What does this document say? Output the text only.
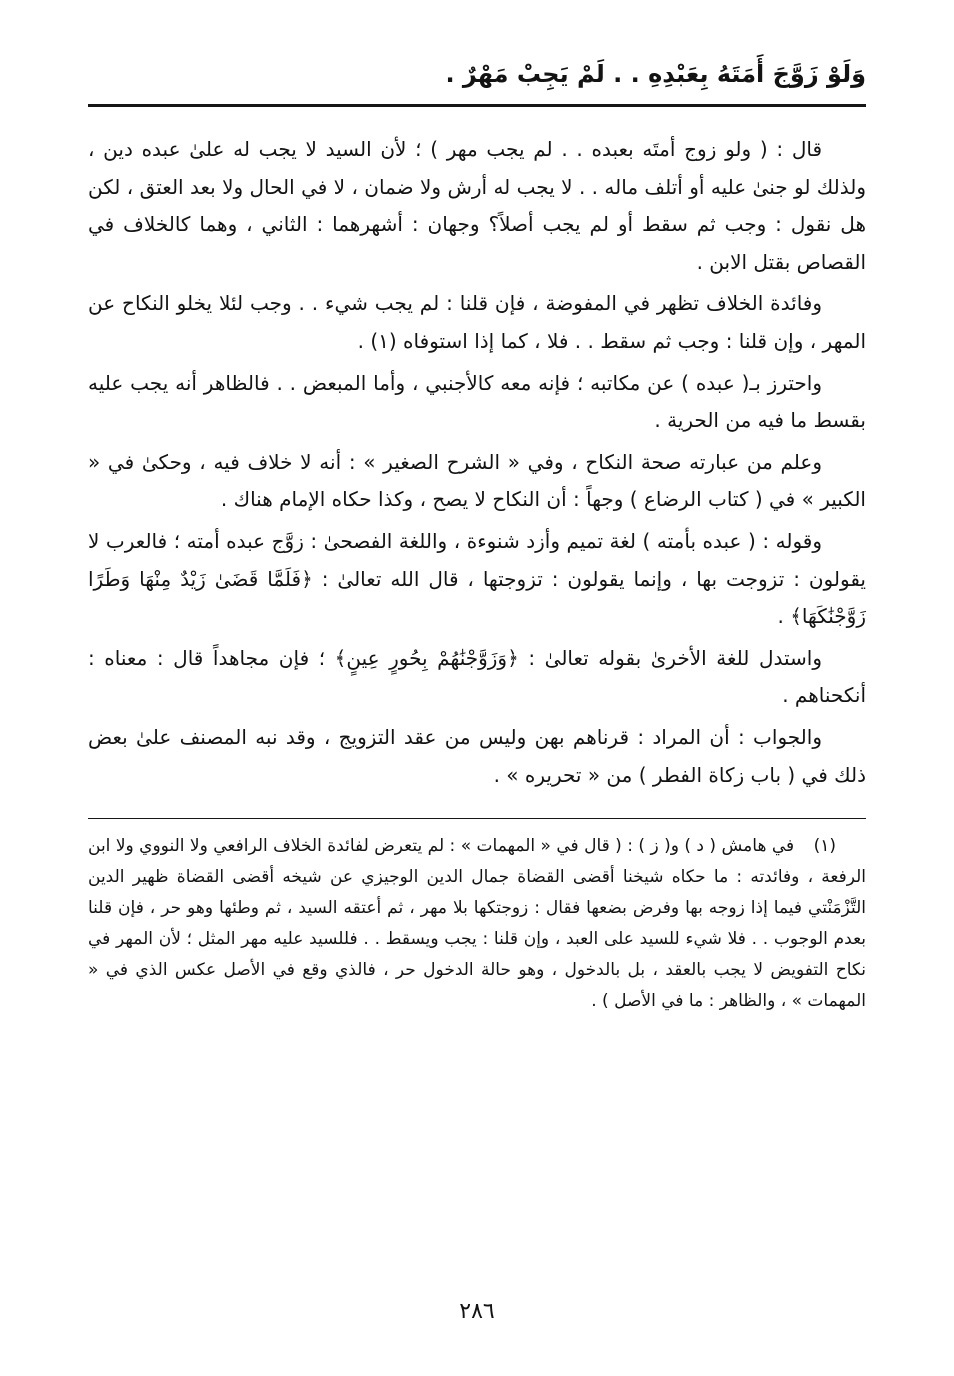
وَلَوْ زَوَّجَ أَمَتَهُ بِعَبْدِهِ . . لَمْ يَجِبْ مَهْرٌ .

قال : ( ولو زوج أمتَه بعبده . . لم يجب مهر ) ؛ لأن السيد لا يجب له علىٰ عبده دين ، ولذلك لو جنىٰ عليه أو أتلف ماله . . لا يجب له أرش ولا ضمان ، لا في الحال ولا بعد العتق ، لكن هل نقول : وجب ثم سقط أو لم يجب أصلاً؟ وجهان : أشهرهما : الثاني ، وهما كالخلاف في القصاص بقتل الابن .

وفائدة الخلاف تظهر في المفوضة ، فإن قلنا : لم يجب شيء . . وجب لئلا يخلو النكاح عن المهر ، وإن قلنا : وجب ثم سقط . . فلا ، كما إذا استوفاه (١) .

واحترز بـ( عبده ) عن مكاتبه ؛ فإنه معه كالأجنبي ، وأما المبعض . . فالظاهر أنه يجب عليه بقسط ما فيه من الحرية .

وعلم من عبارته صحة النكاح ، وفي « الشرح الصغير » : أنه لا خلاف فيه ، وحكىٰ في « الكبير » في ( كتاب الرضاع ) وجهاً : أن النكاح لا يصح ، وكذا حكاه الإمام هناك .

وقوله : ( عبده بأمته ) لغة تميم وأزد شنوءة ، واللغة الفصحىٰ : زوَّج عبده أمته ؛ فالعرب لا يقولون : تزوجت بها ، وإنما يقولون : تزوجتها ، قال الله تعالىٰ : ﴿فَلَمَّا قَضَىٰ زَيْدٌ مِنْهَا وَطَرًا زَوَّجْنَٰكَهَا﴾ .

واستدل للغة الأخرىٰ بقوله تعالىٰ : ﴿وَزَوَّجْنَٰهُمْ بِحُورٍ عِينٍ﴾ ؛ فإن مجاهداً قال : معناه : أنكحناهم .

والجواب : أن المراد : قرناهم بهن وليس من عقد التزويج ، وقد نبه المصنف علىٰ بعض ذلك في ( باب زكاة الفطر ) من « تحريره » .

(١) في هامش ( د ) و( ز ) : ( قال في « المهمات » : لم يتعرض لفائدة الخلاف الرافعي ولا النووي ولا ابن الرفعة ، وفائدته : ما حكاه شيخنا أقضى القضاة جمال الدين الوجيزي عن شيخه أقضى القضاة ظهير الدين التَّزْمَنْتي فيما إذا زوجه بها وفرض بضعها فقال : زوجتكها بلا مهر ، ثم أعتقه السيد ، ثم وطئها وهو حر ، فإن قلنا بعدم الوجوب . . فلا شيء للسيد على العبد ، وإن قلنا : يجب ويسقط . . فللسيد عليه مهر المثل ؛ لأن المهر في نكاح التفويض لا يجب بالعقد ، بل بالدخول ، وهو حالة الدخول حر ، فالذي وقع في الأصل عكس الذي في « المهمات » ، والظاهر : ما في الأصل ) .

٢٨٦
